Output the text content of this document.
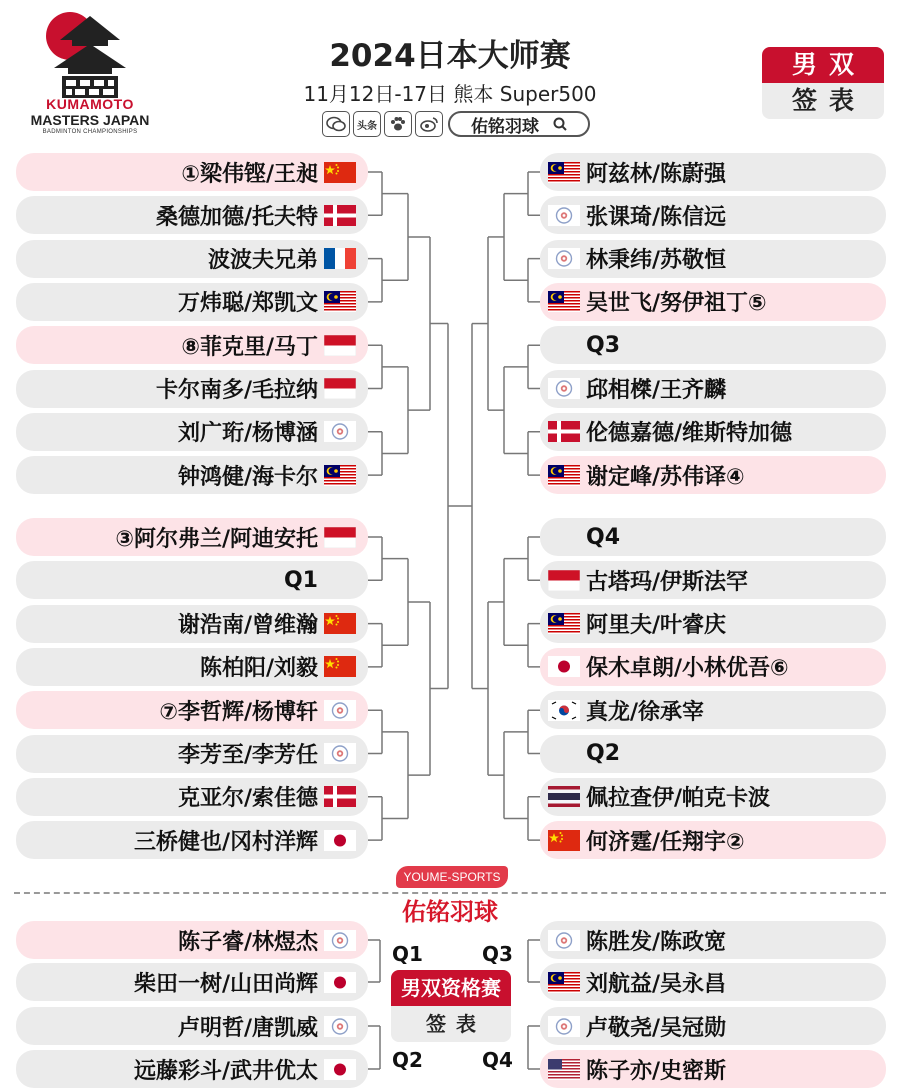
KUMAMOTO
MASTERS JAPAN
BADMINTON CHAMPIONSHIPS
2024日本大师赛
11月12日-17日 熊本 Super500
头条	佑铭羽球
男双
签表
①梁伟铿/王昶
桑德加德/托夫特
波波夫兄弟
万炜聪/郑凯文
⑧菲克里/马丁
卡尔南多/毛拉纳
刘广珩/杨博涵
钟鸿健/海卡尔
③阿尔弗兰/阿迪安托
Q1
谢浩南/曾维瀚
陈柏阳/刘毅
⑦李哲辉/杨博轩
李芳至/李芳任
克亚尔/索佳德
三桥健也/冈村洋辉
阿兹林/陈蔚强
张课琦/陈信远
林秉纬/苏敬恒
吴世飞/努伊祖丁⑤
Q3
邱相榤/王齐麟
伦德嘉德/维斯特加德
谢定峰/苏伟译④
Q4
古塔玛/伊斯法罕
阿里夫/叶睿庆
保木卓朗/小林优吾⑥
真龙/徐承宰
Q2
佩拉查伊/帕克卡波
何济霆/任翔宇②
YOUME-SPORTS
佑铭羽球
陈子睿/林煜杰
柴田一树/山田尚辉
卢明哲/唐凯威
远藤彩斗/武井优太
陈胜发/陈政宽
刘航益/吴永昌
卢敬尧/吴冠勋
陈子亦/史密斯
男双资格赛
签表
Q1
Q2
Q3
Q4
